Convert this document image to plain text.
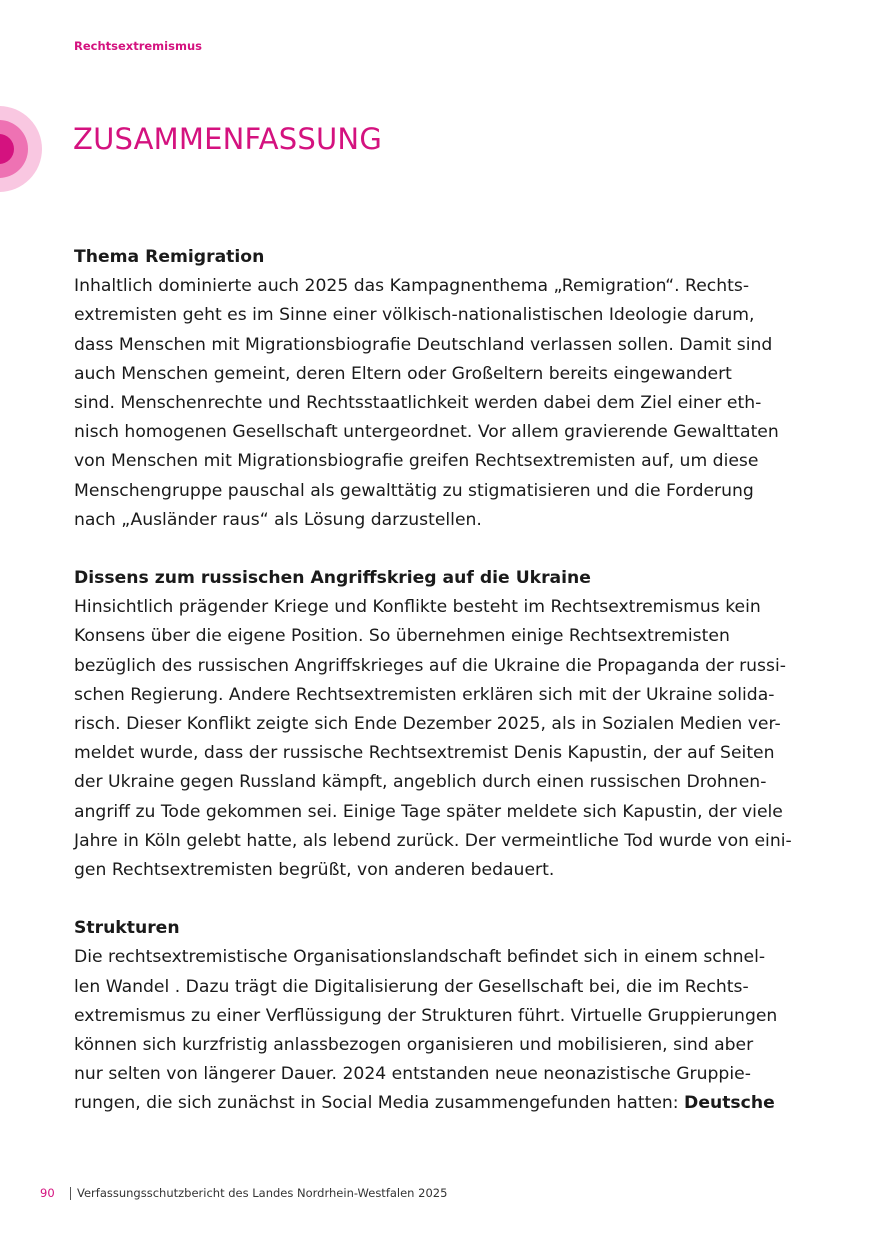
Rechtsextremismus
ZUSAMMENFASSUNG
Thema Remigration
Inhaltlich dominierte auch 2025 das Kampagnenthema „Remigration“. Rechts-
extremisten geht es im Sinne einer völkisch-nationalistischen Ideologie darum,
dass Menschen mit Migrationsbiografie Deutschland verlassen sollen. Damit sind
auch Menschen gemeint, deren Eltern oder Großeltern bereits eingewandert
sind. Menschenrechte und Rechtsstaatlichkeit werden dabei dem Ziel einer eth-
nisch homogenen Gesellschaft untergeordnet. Vor allem gravierende Gewalttaten
von Menschen mit Migrationsbiografie greifen Rechtsextremisten auf, um diese
Menschengruppe pauschal als gewalttätig zu stigmatisieren und die Forderung
nach „Ausländer raus“ als Lösung darzustellen.
Dissens zum russischen Angriffskrieg auf die Ukraine
Hinsichtlich prägender Kriege und Konflikte besteht im Rechtsextremismus kein
Konsens über die eigene Position. So übernehmen einige Rechtsextremisten
bezüglich des russischen Angriffskrieges auf die Ukraine die Propaganda der russi-
schen Regierung. Andere Rechtsextremisten erklären sich mit der Ukraine solida-
risch. Dieser Konflikt zeigte sich Ende Dezember 2025, als in Sozialen Medien ver-
meldet wurde, dass der russische Rechtsextremist Denis Kapustin, der auf Seiten
der Ukraine gegen Russland kämpft, angeblich durch einen russischen Drohnen-
angriff zu Tode gekommen sei. Einige Tage später meldete sich Kapustin, der viele
Jahre in Köln gelebt hatte, als lebend zurück. Der vermeintliche Tod wurde von eini-
gen Rechtsextremisten begrüßt, von anderen bedauert.
Strukturen
Die rechtsextremistische Organisationslandschaft befindet sich in einem schnel-
len Wandel . Dazu trägt die Digitalisierung der Gesellschaft bei, die im Rechts-
extremismus zu einer Verflüssigung der Strukturen führt. Virtuelle Gruppierungen
können sich kurzfristig anlassbezogen organisieren und mobilisieren, sind aber
nur selten von längerer Dauer. 2024 entstanden neue neonazistische Gruppie-
rungen, die sich zunächst in Social Media zusammengefunden hatten: Deutsche
90	Verfassungsschutzbericht des Landes Nordrhein-Westfalen 2025
